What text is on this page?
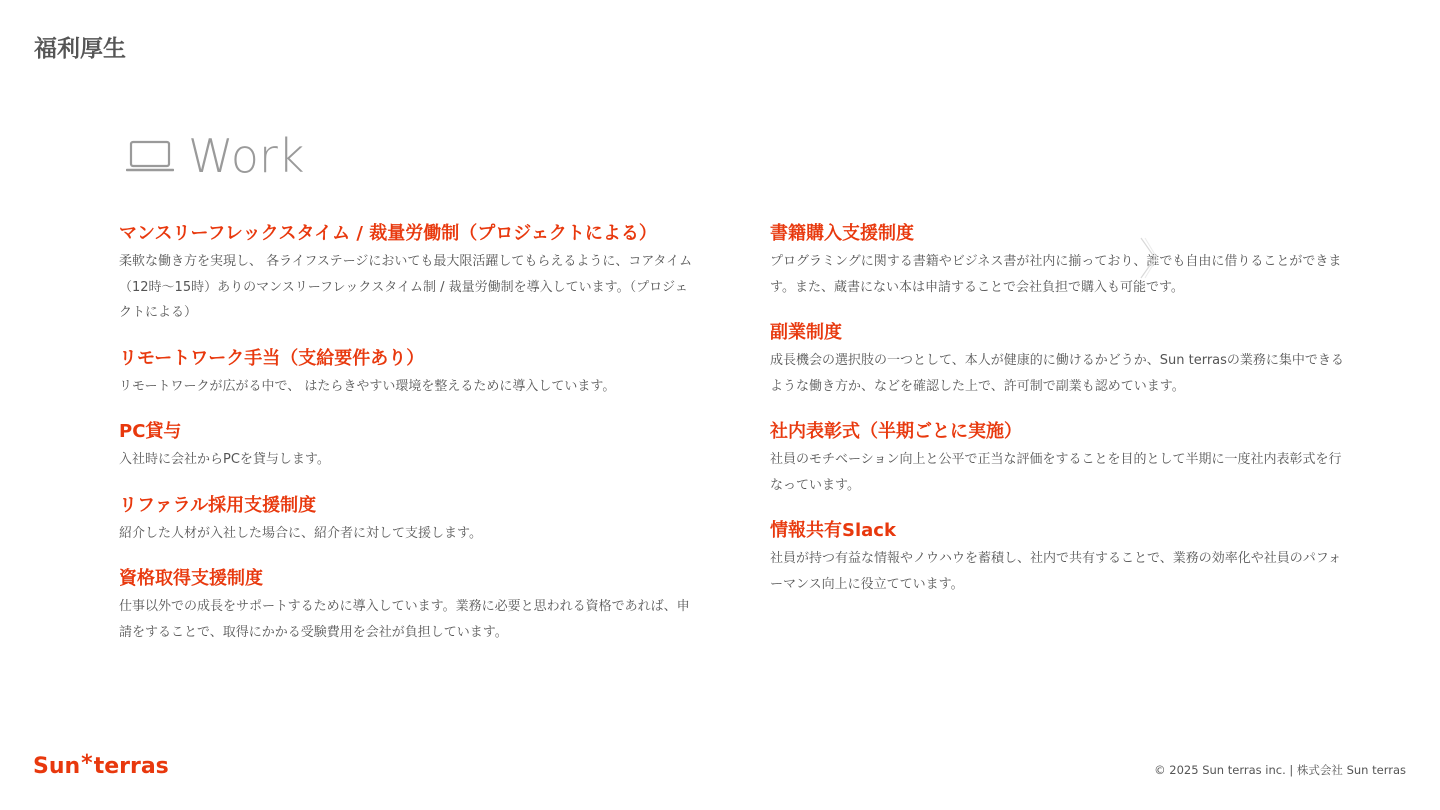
福利厚生
Work
マンスリーフレックスタイム / 裁量労働制（プロジェクトによる）
柔軟な働き方を実現し、 各ライフステージにおいても最大限活躍してもらえるように、コアタイム（12時〜15時）ありのマンスリーフレックスタイム制 / 裁量労働制を導入しています。（プロジェクトによる）
リモートワーク手当（支給要件あり）
リモートワークが広がる中で、 はたらきやすい環境を整えるために導入しています。
PC貸与
入社時に会社からPCを貸与します。
リファラル採用支援制度
紹介した人材が入社した場合に、紹介者に対して支援します。
資格取得支援制度
仕事以外での成長をサポートするために導入しています。業務に必要と思われる資格であれば、申請をすることで、取得にかかる受験費用を会社が負担しています。
書籍購入支援制度
プログラミングに関する書籍やビジネス書が社内に揃っており、誰でも自由に借りることができます。また、蔵書にない本は申請することで会社負担で購入も可能です。
副業制度
成長機会の選択肢の一つとして、本人が健康的に働けるかどうか、Sun terrasの業務に集中できるような働き方か、などを確認した上で、許可制で副業も認めています。
社内表彰式（半期ごとに実施）
社員のモチベーション向上と公平で正当な評価をすることを目的として半期に一度社内表彰式を行なっています。
情報共有Slack
社員が持つ有益な情報やノウハウを蓄積し、社内で共有することで、業務の効率化や社員のパフォーマンス向上に役立てています。
Sun * terras	© 2025 Sun terras inc. | 株式会社 Sun terras
